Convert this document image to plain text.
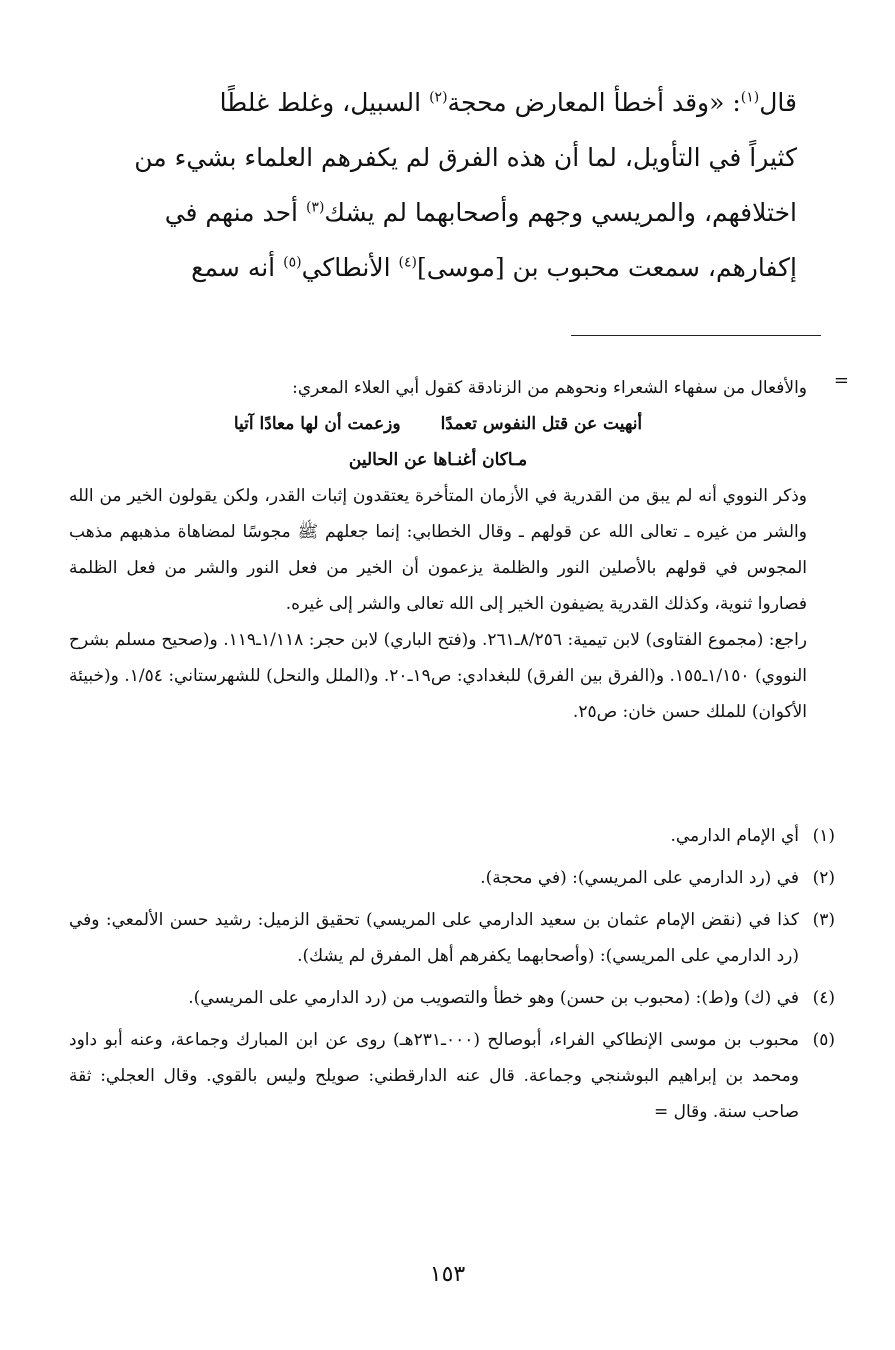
قال$^{(١)}$: «وقد أخطأ المعارض محجة$^{(٢)}$ السبيل، وغلط غلطًا

كثيراً في التأويل، لما أن هذه الفرق لم يكفرهم العلماء بشيء من

اختلافهم، والمريسي وجهم وأصحابهما لم يشك$^{(٣)}$ أحد منهم في

إكفارهم، سمعت محبوب بن [موسى]$^{(٤)}$ الأنطاكي$^{(٥)}$ أنه سمع

=

والأفعال من سفهاء الشعراء ونحوهم من الزنادقة كقول أبي العلاء المعري:

أنهيت عن قتل النفوس تعمدًا
وزعمت أن لها معادًا آتيا

مـاكان أغنـاها عن الحالين

وذكر النووي أنه لم يبق من القدرية في الأزمان المتأخرة يعتقدون إثبات القدر، ولكن يقولون الخير من الله والشر من غيره ـ تعالى الله عن قولهم ـ وقال الخطابي: إنما جعلهم ﷺ مجوسًا لمضاهاة مذهبهم مذهب المجوس في قولهم بالأصلين النور والظلمة يزعمون أن الخير من فعل النور والشر من فعل الظلمة فصاروا ثنوية، وكذلك القدرية يضيفون الخير إلى الله تعالى والشر إلى غيره.

راجع: (مجموع الفتاوى) لابن تيمية: ٨/٢٥٦ـ٢٦١. و(فتح الباري) لابن حجر: ١/١١٨ـ١١٩. و(صحيح مسلم بشرح النووي) ١/١٥٠ـ١٥٥. و(الفرق بين الفرق) للبغدادي: ص١٩ـ٢٠. و(الملل والنحل) للشهرستاني: ١/٥٤. و(خبيئة الأكوان) للملك حسن خان: ص٢٥.

(١)
أي الإمام الدارمي.
(٢)
في (رد الدارمي على المريسي): (في محجة).
(٣)
كذا في (نقض الإمام عثمان بن سعيد الدارمي على المريسي) تحقيق الزميل: رشيد حسن الألمعي: وفي (رد الدارمي على المريسي): (وأصحابهما يكفرهم أهل المفرق لم يشك).
(٤)
في (ك) و(ط): (محبوب بن حسن) وهو خطأ والتصويب من (رد الدارمي على المريسي).
(٥)
محبوب بن موسى الإنطاكي الفراء، أبوصالح (٠٠٠ـ٢٣١هـ) روى عن ابن المبارك وجماعة، وعنه أبو داود ومحمد بن إبراهيم البوشنجي وجماعة. قال عنه الدارقطني: صويلح وليس بالقوي. وقال العجلي: ثقة صاحب سنة. وقال =
١٥٣
